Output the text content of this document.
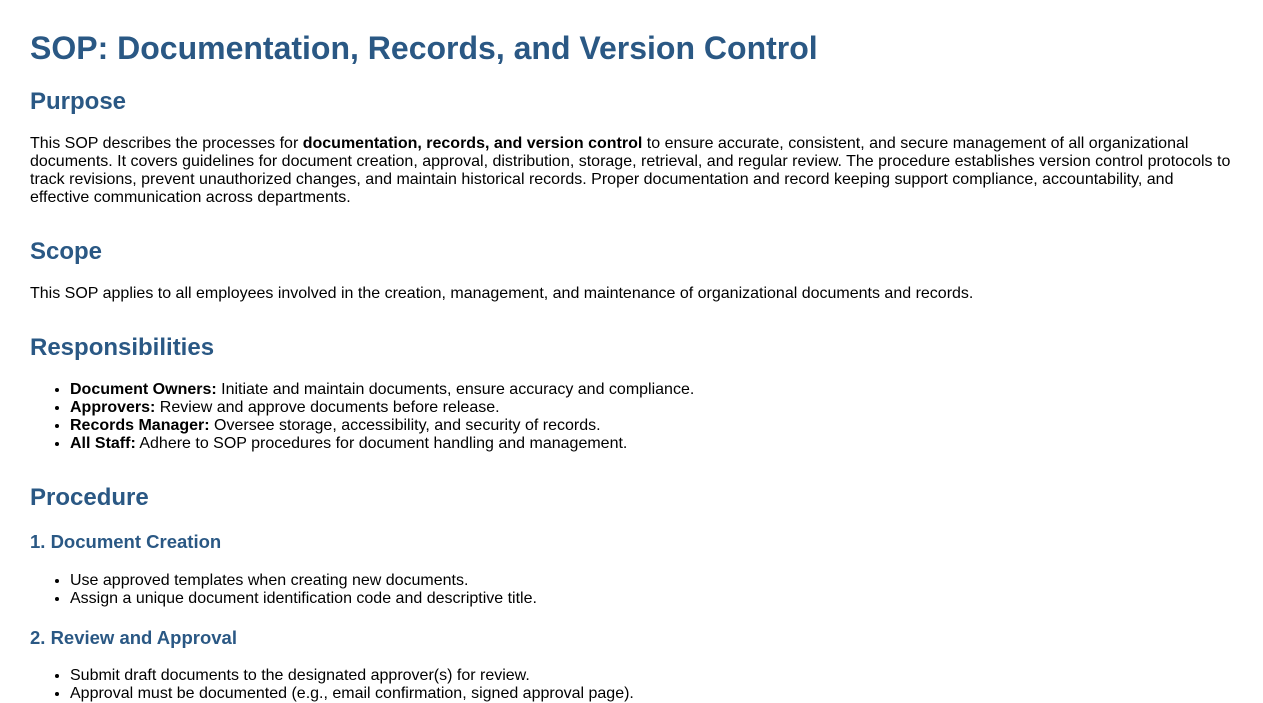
SOP: Documentation, Records, and Version Control
Purpose

This SOP describes the processes for documentation, records, and version control to ensure accurate, consistent, and secure management of all organizational documents. It covers guidelines for document creation, approval, distribution, storage, retrieval, and regular review. The procedure establishes version control protocols to track revisions, prevent unauthorized changes, and maintain historical records. Proper documentation and record keeping support compliance, accountability, and effective communication across departments.

Scope

This SOP applies to all employees involved in the creation, management, and maintenance of organizational documents and records.

Responsibilities
• Document Owners: Initiate and maintain documents, ensure accuracy and compliance.
• Approvers: Review and approve documents before release.
• Records Manager: Oversee storage, accessibility, and security of records.
• All Staff: Adhere to SOP procedures for document handling and management.
Procedure
1. Document Creation
• Use approved templates when creating new documents.
• Assign a unique document identification code and descriptive title.
2. Review and Approval
• Submit draft documents to the designated approver(s) for review.
• Approval must be documented (e.g., email confirmation, signed approval page).
